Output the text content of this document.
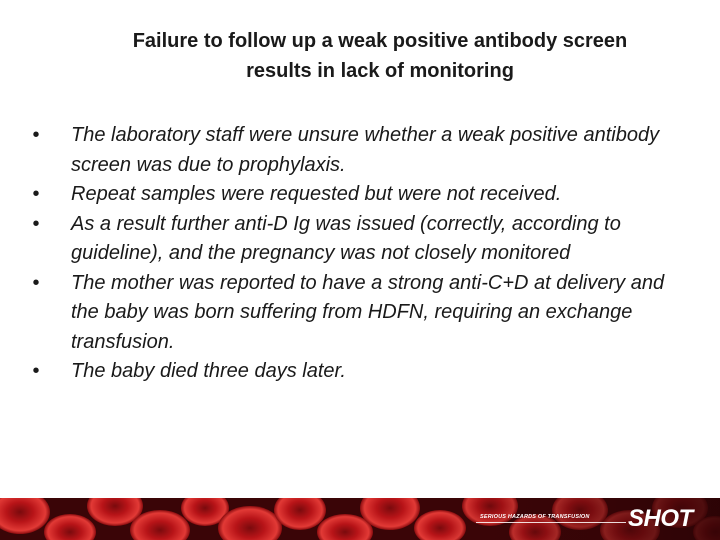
Failure to follow up a weak positive antibody screen
results in lack of monitoring
•	The laboratory staff were unsure whether a weak positive antibody screen was due to prophylaxis.
•	Repeat samples were requested but were not received.
•	As a result further anti-D Ig was issued (correctly, according to guideline), and the pregnancy was not closely monitored
•	The mother was reported to have a strong anti-C+D at delivery and the baby was born suffering from HDFN, requiring an exchange transfusion.
•	The baby died three days later.
SERIOUS HAZARDS OF TRANSFUSION SHOT
